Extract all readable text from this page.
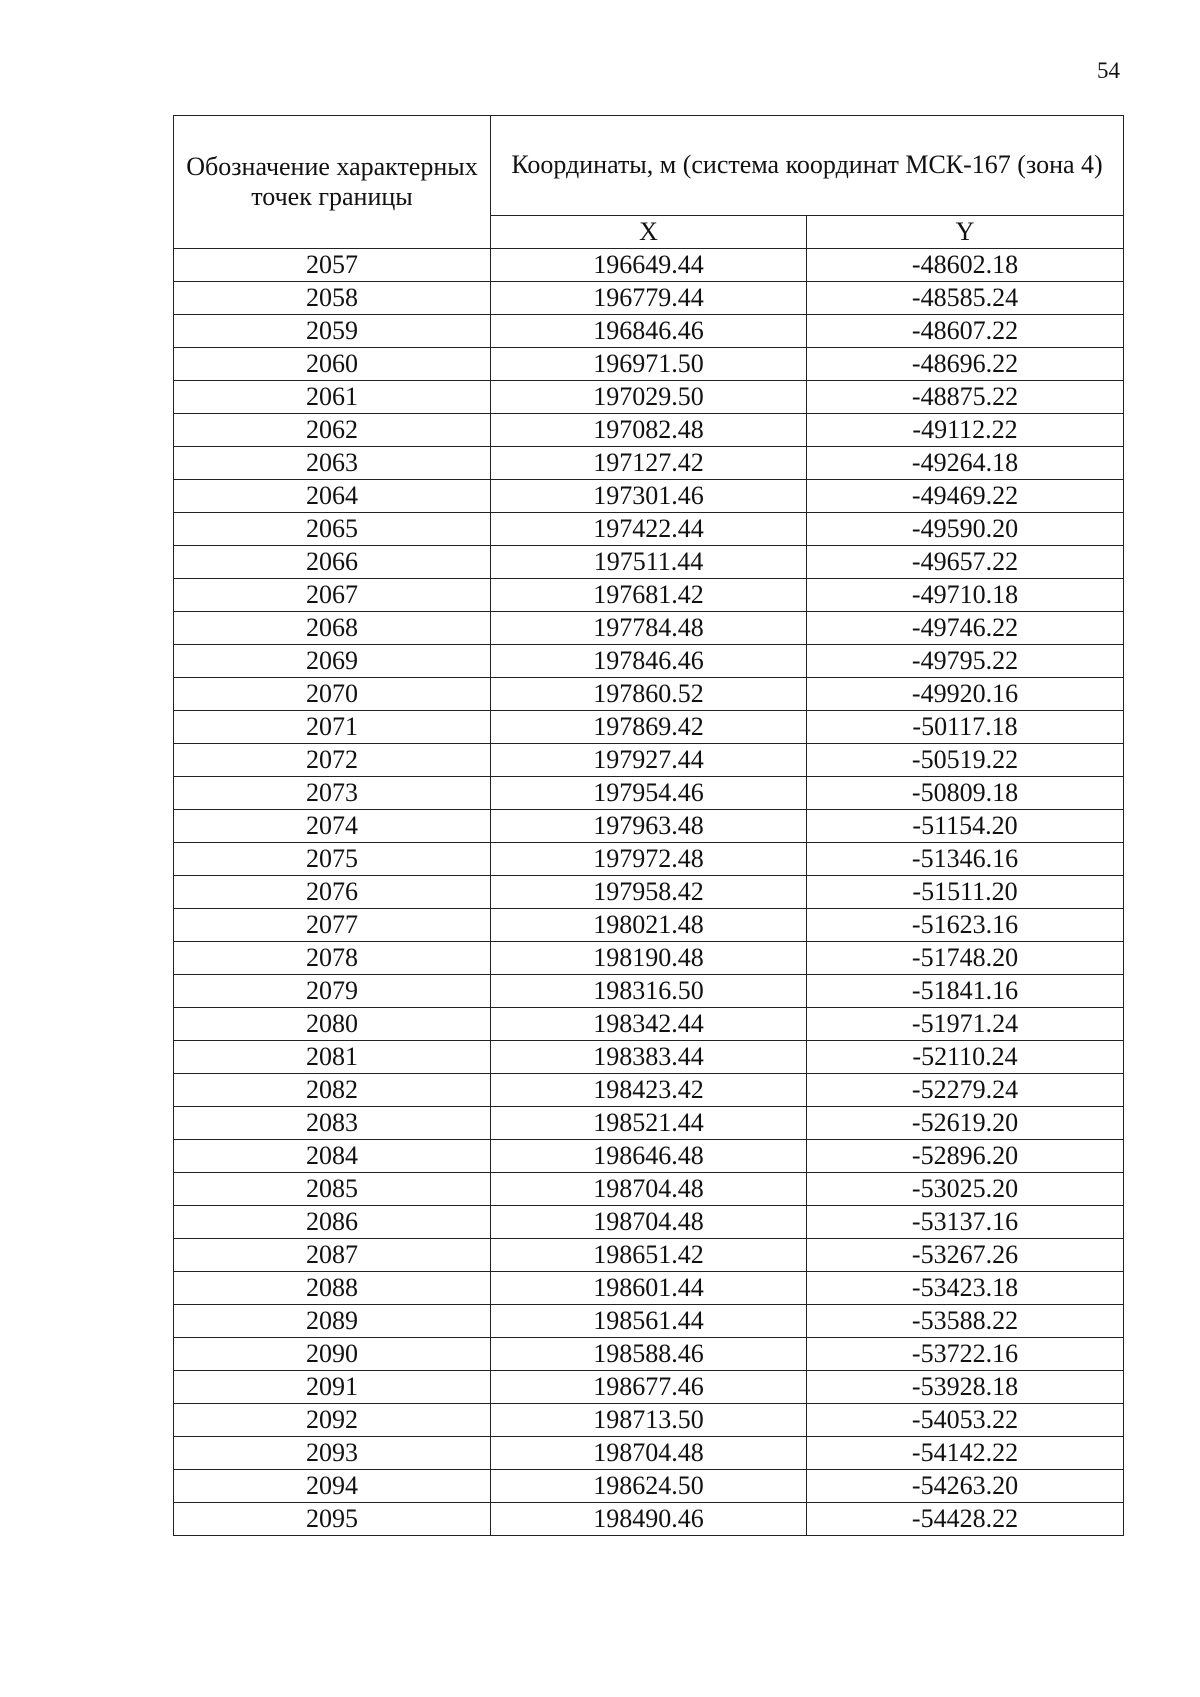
54
Обозначение характерных точек границы	Координаты, м (система координат МСК-167 (зона 4)	
	X	Y
2057	196649.44	-48602.18
2058	196779.44	-48585.24
2059	196846.46	-48607.22
2060	196971.50	-48696.22
2061	197029.50	-48875.22
2062	197082.48	-49112.22
2063	197127.42	-49264.18
2064	197301.46	-49469.22
2065	197422.44	-49590.20
2066	197511.44	-49657.22
2067	197681.42	-49710.18
2068	197784.48	-49746.22
2069	197846.46	-49795.22
2070	197860.52	-49920.16
2071	197869.42	-50117.18
2072	197927.44	-50519.22
2073	197954.46	-50809.18
2074	197963.48	-51154.20
2075	197972.48	-51346.16
2076	197958.42	-51511.20
2077	198021.48	-51623.16
2078	198190.48	-51748.20
2079	198316.50	-51841.16
2080	198342.44	-51971.24
2081	198383.44	-52110.24
2082	198423.42	-52279.24
2083	198521.44	-52619.20
2084	198646.48	-52896.20
2085	198704.48	-53025.20
2086	198704.48	-53137.16
2087	198651.42	-53267.26
2088	198601.44	-53423.18
2089	198561.44	-53588.22
2090	198588.46	-53722.16
2091	198677.46	-53928.18
2092	198713.50	-54053.22
2093	198704.48	-54142.22
2094	198624.50	-54263.20
2095	198490.46	-54428.22
